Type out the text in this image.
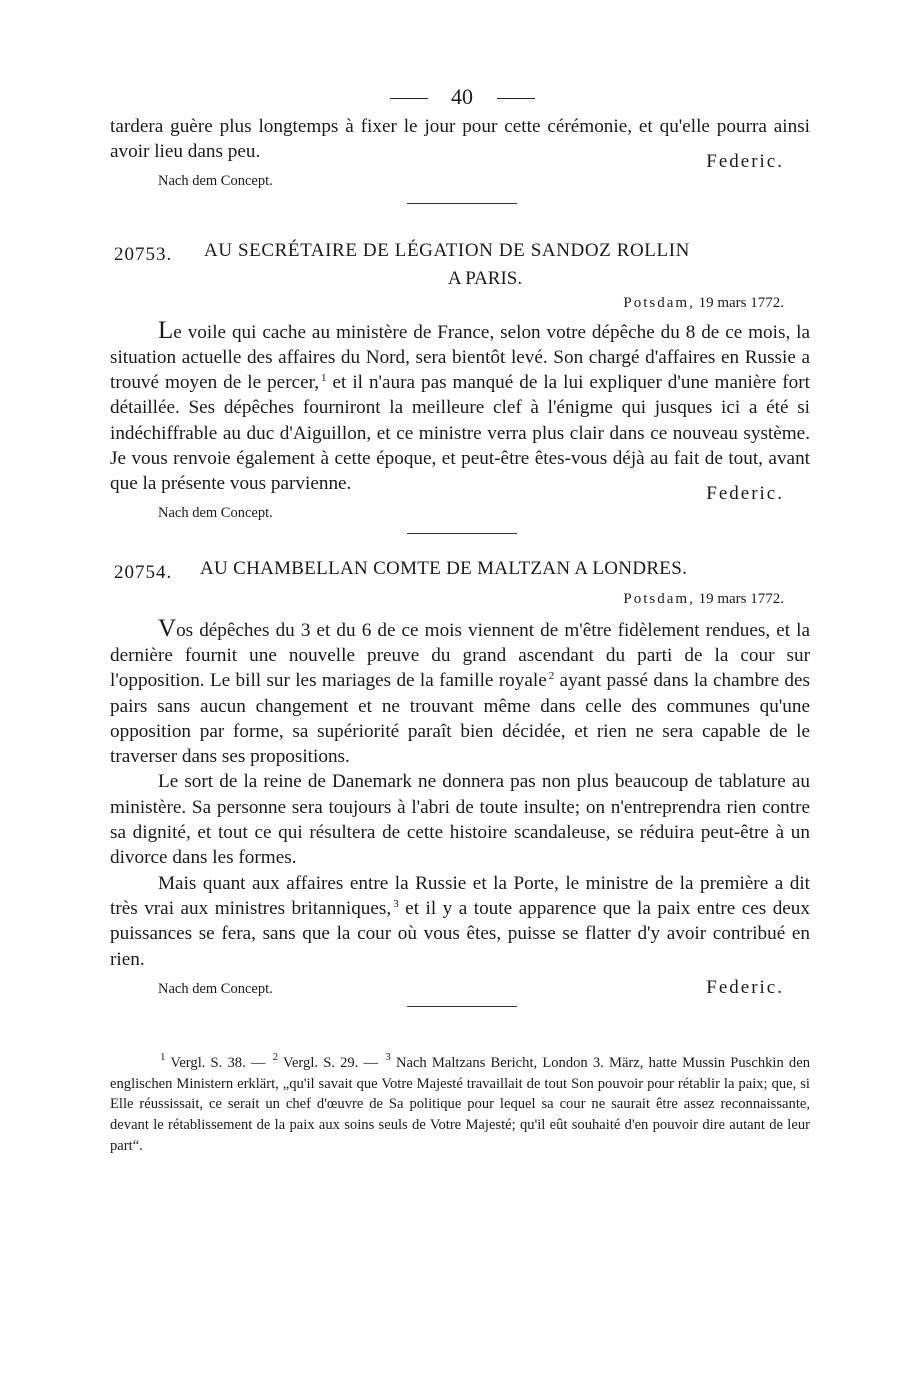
40

tardera guère plus longtemps à fixer le jour pour cette cérémonie, et qu'elle pourra ainsi avoir lieu dans peu.

Nach dem Concept.
Federic.
20753. AU SECRÉTAIRE DE LÉGATION DE SANDOZ ROLLIN
A PARIS.
Potsdam, 19 mars 1772.

Le voile qui cache au ministère de France, selon votre dépêche du 8 de ce mois, la situation actuelle des affaires du Nord, sera bientôt levé. Son chargé d'affaires en Russie a trouvé moyen de le percer, $^1$ et il n'aura pas manqué de la lui expliquer d'une manière fort détaillée. Ses dépêches fourniront la meilleure clef à l'énigme qui jusques ici a été si indéchiffrable au duc d'Aiguillon, et ce ministre verra plus clair dans ce nouveau système. Je vous renvoie également à cette époque, et peut-être êtes-vous déjà au fait de tout, avant que la présente vous parvienne.

Nach dem Concept.
Federic.
20754. AU CHAMBELLAN COMTE DE MALTZAN A LONDRES.
Potsdam, 19 mars 1772.

Vos dépêches du 3 et du 6 de ce mois viennent de m'être fidèlement rendues, et la dernière fournit une nouvelle preuve du grand ascendant du parti de la cour sur l'opposition. Le bill sur les mariages de la famille royale $^2$ ayant passé dans la chambre des pairs sans aucun changement et ne trouvant même dans celle des communes qu'une opposition par forme, sa supériorité paraît bien décidée, et rien ne sera capable de le traverser dans ses propositions.

Le sort de la reine de Danemark ne donnera pas non plus beaucoup de tablature au ministère. Sa personne sera toujours à l'abri de toute insulte; on n'entreprendra rien contre sa dignité, et tout ce qui résultera de cette histoire scandaleuse, se réduira peut-être à un divorce dans les formes.

Mais quant aux affaires entre la Russie et la Porte, le ministre de la première a dit très vrai aux ministres britanniques, $^3$ et il y a toute apparence que la paix entre ces deux puissances se fera, sans que la cour où vous êtes, puisse se flatter d'y avoir contribué en rien.

Nach dem Concept.	Federic.

$^1$ Vergl. S. 38. — $^2$ Vergl. S. 29. — $^3$ Nach Maltzans Bericht, London 3. März, hatte Mussin Puschkin den englischen Ministern erklärt, „qu'il savait que Votre Majesté travaillait de tout Son pouvoir pour rétablir la paix; que, si Elle réussissait, ce serait un chef d'œuvre de Sa politique pour lequel sa cour ne saurait être assez reconnaissante, devant le rétablissement de la paix aux soins seuls de Votre Majesté; qu'il eût souhaité d'en pouvoir dire autant de leur part“.
